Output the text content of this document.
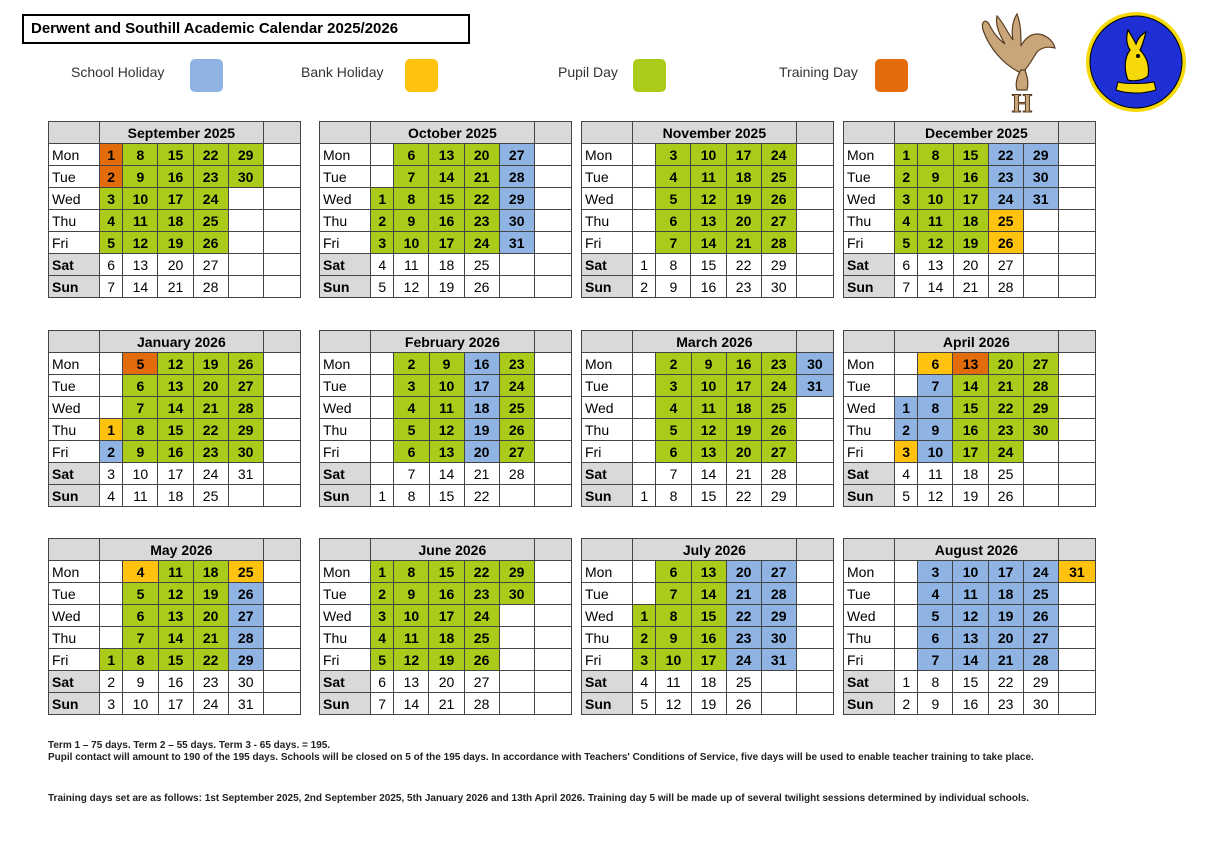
Derwent and Southill Academic Calendar 2025/2026
School Holiday	Bank Holiday	Pupil Day	Training Day
H
	September 2025					
Mon	1	8	15	22	29	
Tue	2	9	16	23	30	
Wed	3	10	17	24		
Thu	4	11	18	25		
Fri	5	12	19	26		
Sat	6	13	20	27		
Sun	7	14	21	28		
	October 2025					
Mon		6	13	20	27	
Tue		7	14	21	28	
Wed	1	8	15	22	29	
Thu	2	9	16	23	30	
Fri	3	10	17	24	31	
Sat	4	11	18	25		
Sun	5	12	19	26		
	November 2025					
Mon		3	10	17	24	
Tue		4	11	18	25	
Wed		5	12	19	26	
Thu		6	13	20	27	
Fri		7	14	21	28	
Sat	1	8	15	22	29	
Sun	2	9	16	23	30	
	December 2025					
Mon	1	8	15	22	29	
Tue	2	9	16	23	30	
Wed	3	10	17	24	31	
Thu	4	11	18	25		
Fri	5	12	19	26		
Sat	6	13	20	27		
Sun	7	14	21	28		
	January 2026					
Mon		5	12	19	26	
Tue		6	13	20	27	
Wed		7	14	21	28	
Thu	1	8	15	22	29	
Fri	2	9	16	23	30	
Sat	3	10	17	24	31	
Sun	4	11	18	25		
	February 2026					
Mon		2	9	16	23	
Tue		3	10	17	24	
Wed		4	11	18	25	
Thu		5	12	19	26	
Fri		6	13	20	27	
Sat		7	14	21	28	
Sun	1	8	15	22		
	March 2026					
Mon		2	9	16	23	30
Tue		3	10	17	24	31
Wed		4	11	18	25	
Thu		5	12	19	26	
Fri		6	13	20	27	
Sat		7	14	21	28	
Sun	1	8	15	22	29	
	April 2026					
Mon		6	13	20	27	
Tue		7	14	21	28	
Wed	1	8	15	22	29	
Thu	2	9	16	23	30	
Fri	3	10	17	24		
Sat	4	11	18	25		
Sun	5	12	19	26		
	May 2026					
Mon		4	11	18	25	
Tue		5	12	19	26	
Wed		6	13	20	27	
Thu		7	14	21	28	
Fri	1	8	15	22	29	
Sat	2	9	16	23	30	
Sun	3	10	17	24	31	
	June 2026					
Mon	1	8	15	22	29	
Tue	2	9	16	23	30	
Wed	3	10	17	24		
Thu	4	11	18	25		
Fri	5	12	19	26		
Sat	6	13	20	27		
Sun	7	14	21	28		
	July 2026					
Mon		6	13	20	27	
Tue		7	14	21	28	
Wed	1	8	15	22	29	
Thu	2	9	16	23	30	
Fri	3	10	17	24	31	
Sat	4	11	18	25		
Sun	5	12	19	26		
	August 2026					
Mon		3	10	17	24	31
Tue		4	11	18	25	
Wed		5	12	19	26	
Thu		6	13	20	27	
Fri		7	14	21	28	
Sat	1	8	15	22	29	
Sun	2	9	16	23	30	
Term 1 – 75 days. Term 2 – 55 days. Term 3 - 65 days. = 195.
Pupil contact will amount to 190 of the 195 days. Schools will be closed on 5 of the 195 days. In accordance with Teachers' Conditions of Service, five days will be used to enable teacher training to take place.
Training days set are as follows: 1st September 2025, 2nd September 2025, 5th January 2026 and 13th April 2026. Training day 5 will be made up of several twilight sessions determined by individual schools.
